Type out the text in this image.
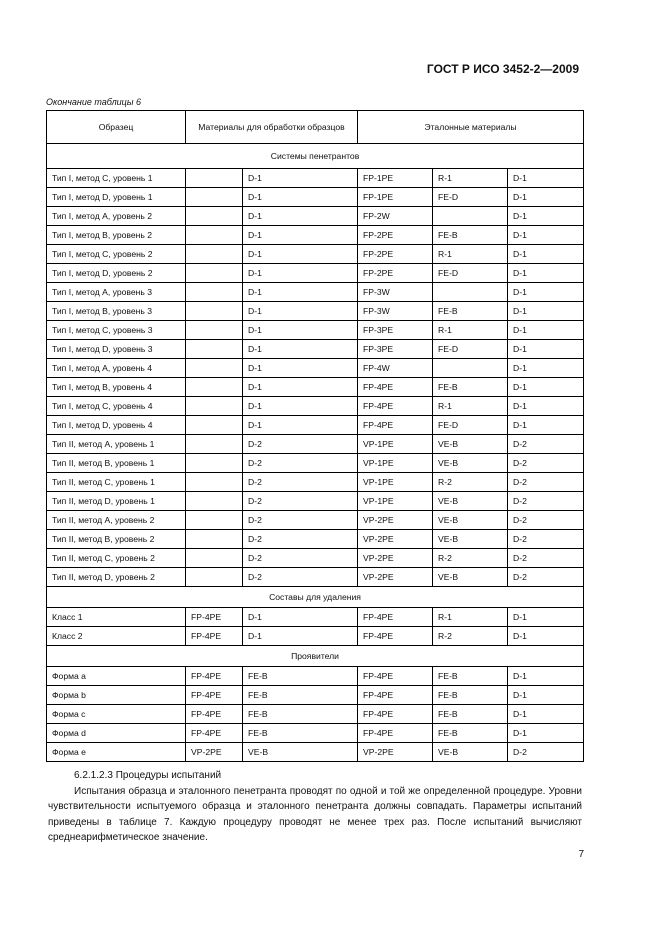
ГОСТ Р ИСО 3452-2—2009
Окончание таблицы 6
Образец	Материалы для обработки образцов		Эталонные материалы		
Системы пенетрантов					
Тип I, метод С, уровень 1		D-1	FP-1PE	R-1	D-1
Тип I, метод D, уровень 1		D-1	FP-1PE	FE-D	D-1
Тип I, метод А, уровень 2		D-1	FP-2W		D-1
Тип I, метод В, уровень 2		D-1	FP-2PE	FE-B	D-1
Тип I, метод С, уровень 2		D-1	FP-2PE	R-1	D-1
Тип I, метод D, уровень 2		D-1	FP-2PE	FE-D	D-1
Тип I, метод А, уровень 3		D-1	FP-3W		D-1
Тип I, метод В, уровень 3		D-1	FP-3W	FE-B	D-1
Тип I, метод С, уровень 3		D-1	FP-3PE	R-1	D-1
Тип I, метод D, уровень 3		D-1	FP-3PE	FE-D	D-1
Тип I, метод А, уровень 4		D-1	FP-4W		D-1
Тип I, метод В, уровень 4		D-1	FP-4PE	FE-B	D-1
Тип I, метод С, уровень 4		D-1	FP-4PE	R-1	D-1
Тип I, метод D, уровень 4		D-1	FP-4PE	FE-D	D-1
Тип II, метод А, уровень 1		D-2	VP-1PE	VE-B	D-2
Тип II, метод В, уровень 1		D-2	VP-1PE	VE-B	D-2
Тип II, метод С, уровень 1		D-2	VP-1PE	R-2	D-2
Тип II, метод D, уровень 1		D-2	VP-1PE	VE-B	D-2
Тип II, метод А, уровень 2		D-2	VP-2PE	VE-B	D-2
Тип II, метод В, уровень 2		D-2	VP-2PE	VE-B	D-2
Тип II, метод С, уровень 2		D-2	VP-2PE	R-2	D-2
Тип II, метод D, уровень 2		D-2	VP-2PE	VE-B	D-2
Составы для удаления					
Класс 1	FP-4PE	D-1	FP-4PE	R-1	D-1
Класс 2	FP-4PE	D-1	FP-4PE	R-2	D-1
Проявители					
Форма a	FP-4PE	FE-B	FP-4PE	FE-B	D-1
Форма b	FP-4PE	FE-B	FP-4PE	FE-B	D-1
Форма c	FP-4PE	FE-B	FP-4PE	FE-B	D-1
Форма d	FP-4PE	FE-B	FP-4PE	FE-B	D-1
Форма e	VP-2PE	VE-B	VP-2PE	VE-B	D-2

6.2.1.2.3 Процедуры испытаний

Испытания образца и эталонного пенетранта проводят по одной и той же определенной процедуре. Уровни чувствительности испытуемого образца и эталонного пенетранта должны совпадать. Параметры испытаний приведены в таблице 7. Каждую процедуру проводят не менее трех раз. После испытаний вычисляют среднеарифметическое значение.

7
